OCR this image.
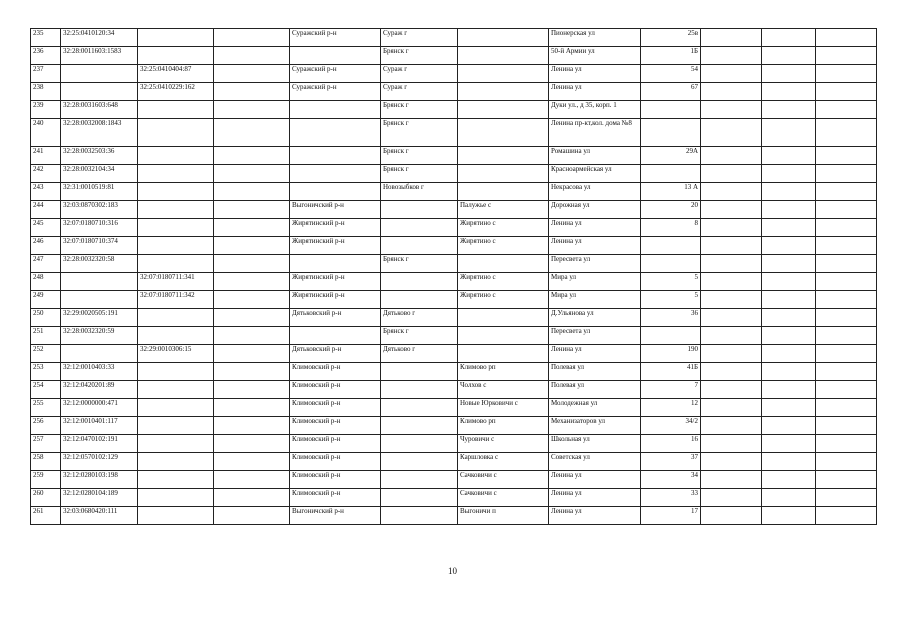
235	32:25:0410120:34			Суражский р-н	Сураж г		Пионерская ул	25в			
236	32:28:0011603:1583				Брянск г		50-й Армии ул	1Б			
237		32:25:0410404:87		Суражский р-н	Сураж г		Ленина ул	54			
238		32:25:0410229:162		Суражский р-н	Сураж г		Ленина ул	67			
239	32:28:0031603:648				Брянск г		Дуки ул., д 35, корп. 1				
240	32:28:0032008:1843				Брянск г		Ленина пр-кт,кол. дома №8				
241	32:28:0032503:36				Брянск г		Ромашина ул	29А			
242	32:28:0032104:34				Брянск г		Красноармейская ул				
243	32:31:0010519:81				Новозыбков г		Некрасова ул	13 А			
244	32:03:0870302:183			Выгоничский р-н		Палужье с	Дорожная ул	20			
245	32:07:0180710:316			Жирятинский р-н		Жирятино с	Ленина ул	8			
246	32:07:0180710:374			Жирятинский р-н		Жирятино с	Ленина ул				
247	32:28:0032320:58				Брянск г		Пересвета ул				
248		32:07:0180711:341		Жирятинский р-н		Жирятино с	Мира ул	5			
249		32:07:0180711:342		Жирятинский р-н		Жирятино с	Мира ул	5			
250	32:29:0020505:191			Дятьковский р-н	Дятьково г		Д.Ульянова ул	36			
251	32:28:0032320:59				Брянск г		Пересвета ул				
252		32:29:0010306:15		Дятьковский р-н	Дятьково г		Ленина ул	190			
253	32:12:0010403:33			Климовский р-н		Климово рп	Полевая ул	41Б			
254	32:12:0420201:89			Климовский р-н		Чолхов с	Полевая ул	7			
255	32:12:0000000:471			Климовский р-н		Новые Юрковичи с	Молодежная ул	12			
256	32:12:0010401:117			Климовский р-н		Климово рп	Механизаторов ул	34/2			
257	32:12:0470102:191			Климовский р-н		Чуровичи с	Школьная ул	16			
258	32:12:0570102:129			Климовский р-н		Каршловка с	Советская ул	37			
259	32:12:0280103:198			Климовский р-н		Сачковичи с	Ленина ул	34			
260	32:12:0280104:189			Климовский р-н		Сачковичи с	Ленина ул	33			
261	32:03:0680420:111			Выгоничский р-н		Выгоничи п	Ленина ул	17			
10
